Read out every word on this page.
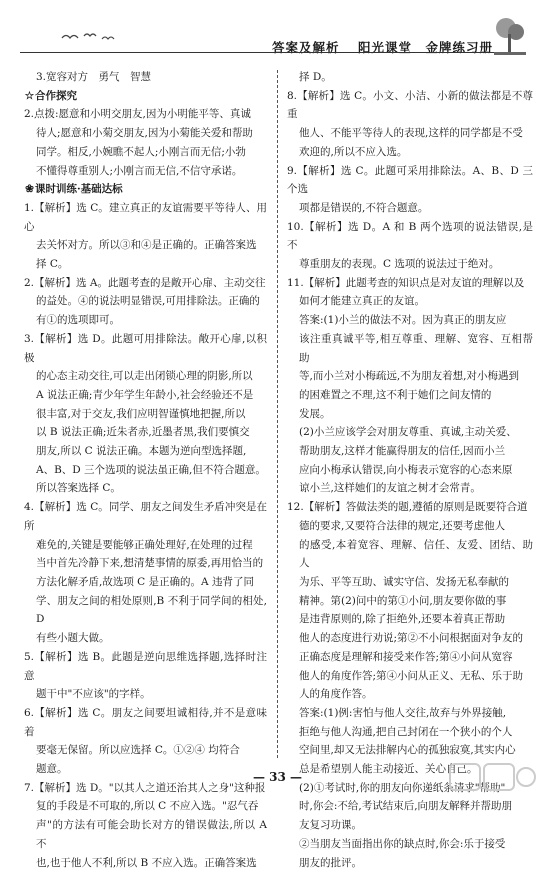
答案及解析 阳光课堂　金牌练习册
3.宽容对方　勇气　智慧
☆合作探究
2.点拨:愿意和小明交朋友,因为小明能平等、真诚
待人;愿意和小菊交朋友,因为小菊能关爱和帮助
同学。相反,小婉瞧不起人;小刚言而无信;小勃
不懂得尊重别人;小刚言而无信,不信守承诺。
❀课时训练·基础达标
1.【解析】选 C。建立真正的友谊需要平等待人、用心
去关怀对方。所以③和④是正确的。正确答案选
择 C。
2.【解析】选 A。此题考查的是敞开心扉、主动交往
的益处。④的说法明显错误,可用排除法。正确的
有①的选项即可。
3.【解析】选 D。此题可用排除法。敞开心扉,以积极
的心态主动交往,可以走出闭锁心理的阴影,所以
A 说法正确;青少年学生年龄小,社会经验还不是
很丰富,对于交友,我们应明智谨慎地把握,所以
以 B 说法正确;近朱者赤,近墨者黑,我们要慎交
朋友,所以 C 说法正确。本题为逆向型选择题,
A、B、D 三个选项的说法虽正确,但不符合题意。
所以答案选择 C。
4.【解析】选 C。同学、朋友之间发生矛盾冲突是在所
难免的,关键是要能够正确处理好,在处理的过程
当中首先冷静下来,想清楚事情的原委,再用恰当的
方法化解矛盾,故选项 C 是正确的。A 违背了同
学、朋友之间的相处原则,B 不利于同学间的相处,D
有些小题大做。
5.【解析】选 B。此题是逆向思维选择题,选择时注意
题干中"不应该"的字样。
6.【解析】选 C。朋友之间要坦诚相待,并不是意味着
要毫无保留。所以应选择 C。①②④ 均符合
题意。
7.【解析】选 D。"以其人之道还治其人之身"这种报
复的手段是不可取的,所以 C 不应入选。"忍气吞
声"的方法有可能会助长对方的错误做法,所以 A 不
也,也于他人不利,所以 B 不应入选。正确答案选
择 D。
8.【解析】选 C。小文、小洁、小新的做法都是不尊重
他人、不能平等待人的表现,这样的同学都是不受
欢迎的,所以不应入选。
9.【解析】选 C。此题可采用排除法。A、B、D 三个选
项都是错误的,不符合题意。
10.【解析】选 D。A 和 B 两个选项的说法错误,是不
尊重朋友的表现。C 选项的说法过于绝对。
11.【解析】此题考查的知识点是对友谊的理解以及
如何才能建立真正的友谊。
答案:(1)小兰的做法不对。因为真正的朋友应
该注重真诚平等,相互尊重、理解、宽容、互相帮助
等,而小兰对小梅疏远,不为朋友着想,对小梅遇到
的困难置之不理,这不利于她们之间友情的
发展。
(2)小兰应该学会对朋友尊重、真诚,主动关爱、
帮助朋友,这样才能赢得朋友的信任,因而小兰
应向小梅承认错误,向小梅表示宽容的心态来原
谅小兰,这样她们的友谊之树才会常青。
12.【解析】答做法类的题,遵循的原则是既要符合道
德的要求,又要符合法律的规定,还要考虑他人
的感受,本着宽容、理解、信任、友爱、团结、助人
为乐、平等互助、诚实守信、发扬无私奉献的
精神。第(2)问中的第①小问,朋友要你做的事
是违背原则的,除了拒绝外,还要本着真正帮助
他人的态度进行劝说;第②不小问根据面对争友的
正确态度是理解和接受来作答;第④小问从宽容
他人的角度作答;第④小问从正义、无私、乐于助
人的角度作答。
答案:(1)例:害怕与他人交往,故弃与外界接触,
拒绝与他人沟通,把自己封闭在一个狭小的个人
空间里,却又无法排解内心的孤独寂寞,其实内心
总是希望别人能主动接近、关心自己。
(2)①考试时,你的朋友向你递纸条请求"帮助"
时,你会:不给,考试结束后,向朋友解释并帮助朋
友复习功课。
②当朋友当面指出你的缺点时,你会:乐于接受
朋友的批评。
— 33 —
